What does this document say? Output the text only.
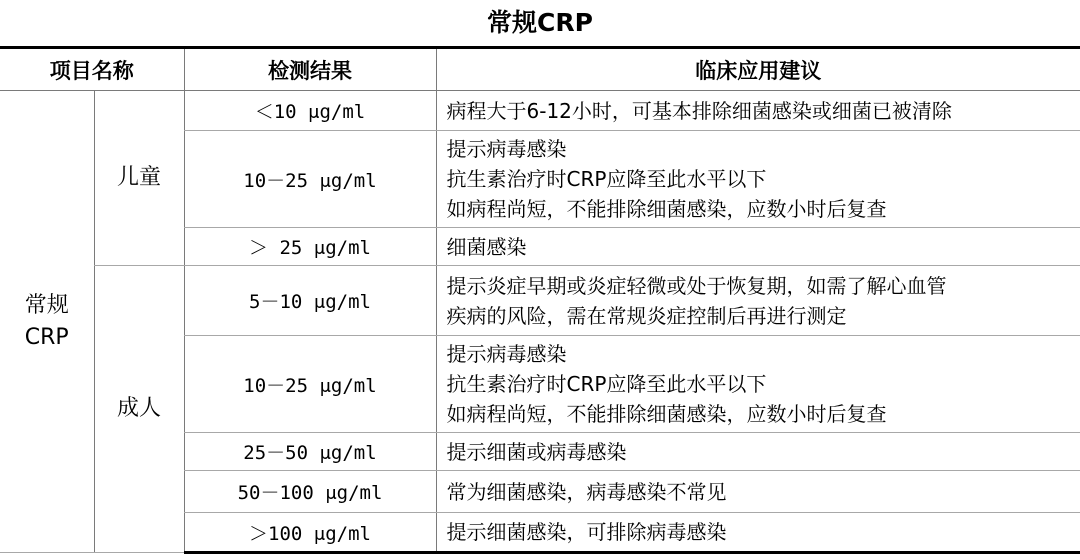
常规CRP
项目名称		检测结果	临床应用建议
常规
CRP	儿童	＜10 μg/ml	病程大于6-12小时，可基本排除细菌感染或细菌已被清除

		10－25 μg/ml	提示病毒感染
抗生素治疗时CRP应降至此水平以下
如病程尚短，不能排除细菌感染，应数小时后复查

		＞ 25 μg/ml	细菌感染

	成人	5－10 μg/ml	提示炎症早期或炎症轻微或处于恢复期，如需了解心血管
疾病的风险，需在常规炎症控制后再进行测定

		10－25 μg/ml	提示病毒感染
抗生素治疗时CRP应降至此水平以下
如病程尚短，不能排除细菌感染，应数小时后复查

		25－50 μg/ml	提示细菌或病毒感染

		50－100 μg/ml	常为细菌感染，病毒感染不常见

		＞100 μg/ml	提示细菌感染，可排除病毒感染
